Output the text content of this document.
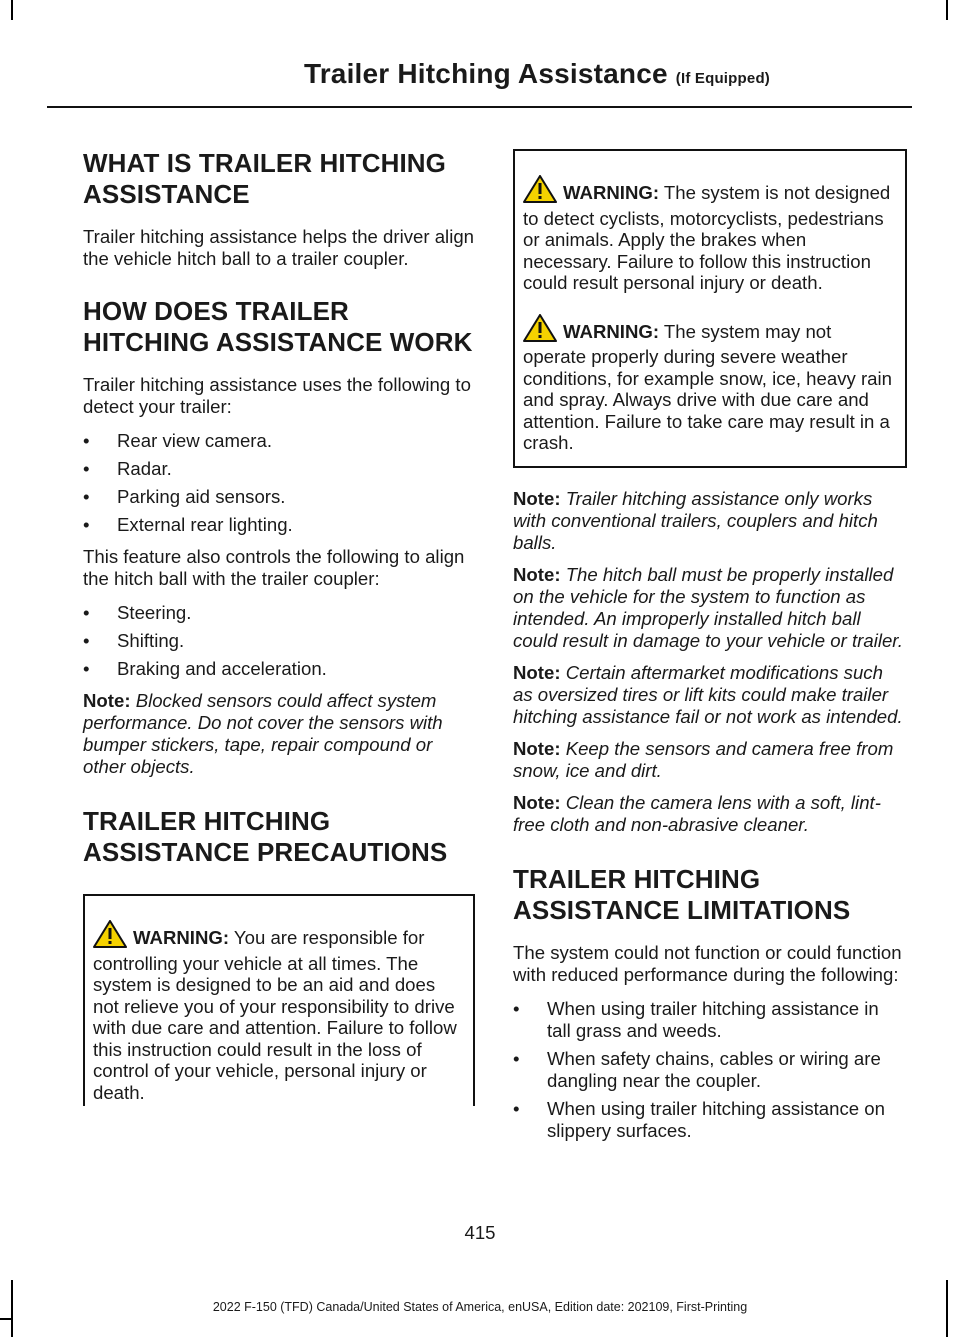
Trailer Hitching Assistance (If Equipped)
WHAT IS TRAILER HITCHING ASSISTANCE

Trailer hitching assistance helps the driver align the vehicle hitch ball to a trailer coupler.

HOW DOES TRAILER HITCHING ASSISTANCE WORK

Trailer hitching assistance uses the following to detect your trailer:

• Rear view camera.
• Radar.
• Parking aid sensors.
• External rear lighting.

This feature also controls the following to align the hitch ball with the trailer coupler:

• Steering.
• Shifting.
• Braking and acceleration.

Note: Blocked sensors could affect system performance. Do not cover the sensors with bumper stickers, tape, repair compound or other objects.

TRAILER HITCHING ASSISTANCE PRECAUTIONS
WARNING: You are responsible for controlling your vehicle at all times. The system is designed to be an aid and does not relieve you of your responsibility to drive with due care and attention. Failure to follow this instruction could result in the loss of control of your vehicle, personal injury or death.
WARNING: The system is not designed to detect cyclists, motorcyclists, pedestrians or animals. Apply the brakes when necessary. Failure to follow this instruction could result personal injury or death.
WARNING: The system may not operate properly during severe weather conditions, for example snow, ice, heavy rain and spray. Always drive with due care and attention. Failure to take care may result in a crash.

Note: Trailer hitching assistance only works with conventional trailers, couplers and hitch balls.

Note: The hitch ball must be properly installed on the vehicle for the system to function as intended. An improperly installed hitch ball could result in damage to your vehicle or trailer.

Note: Certain aftermarket modifications such as oversized tires or lift kits could make trailer hitching assistance fail or not work as intended.

Note: Keep the sensors and camera free from snow, ice and dirt.

Note: Clean the camera lens with a soft, lint-free cloth and non-abrasive cleaner.

TRAILER HITCHING ASSISTANCE LIMITATIONS

The system could not function or could function with reduced performance during the following:

• When using trailer hitching assistance in tall grass and weeds.
• When safety chains, cables or wiring are dangling near the coupler.
• When using trailer hitching assistance on slippery surfaces.
415
2022 F-150 (TFD) Canada/United States of America, enUSA, Edition date: 202109, First-Printing
